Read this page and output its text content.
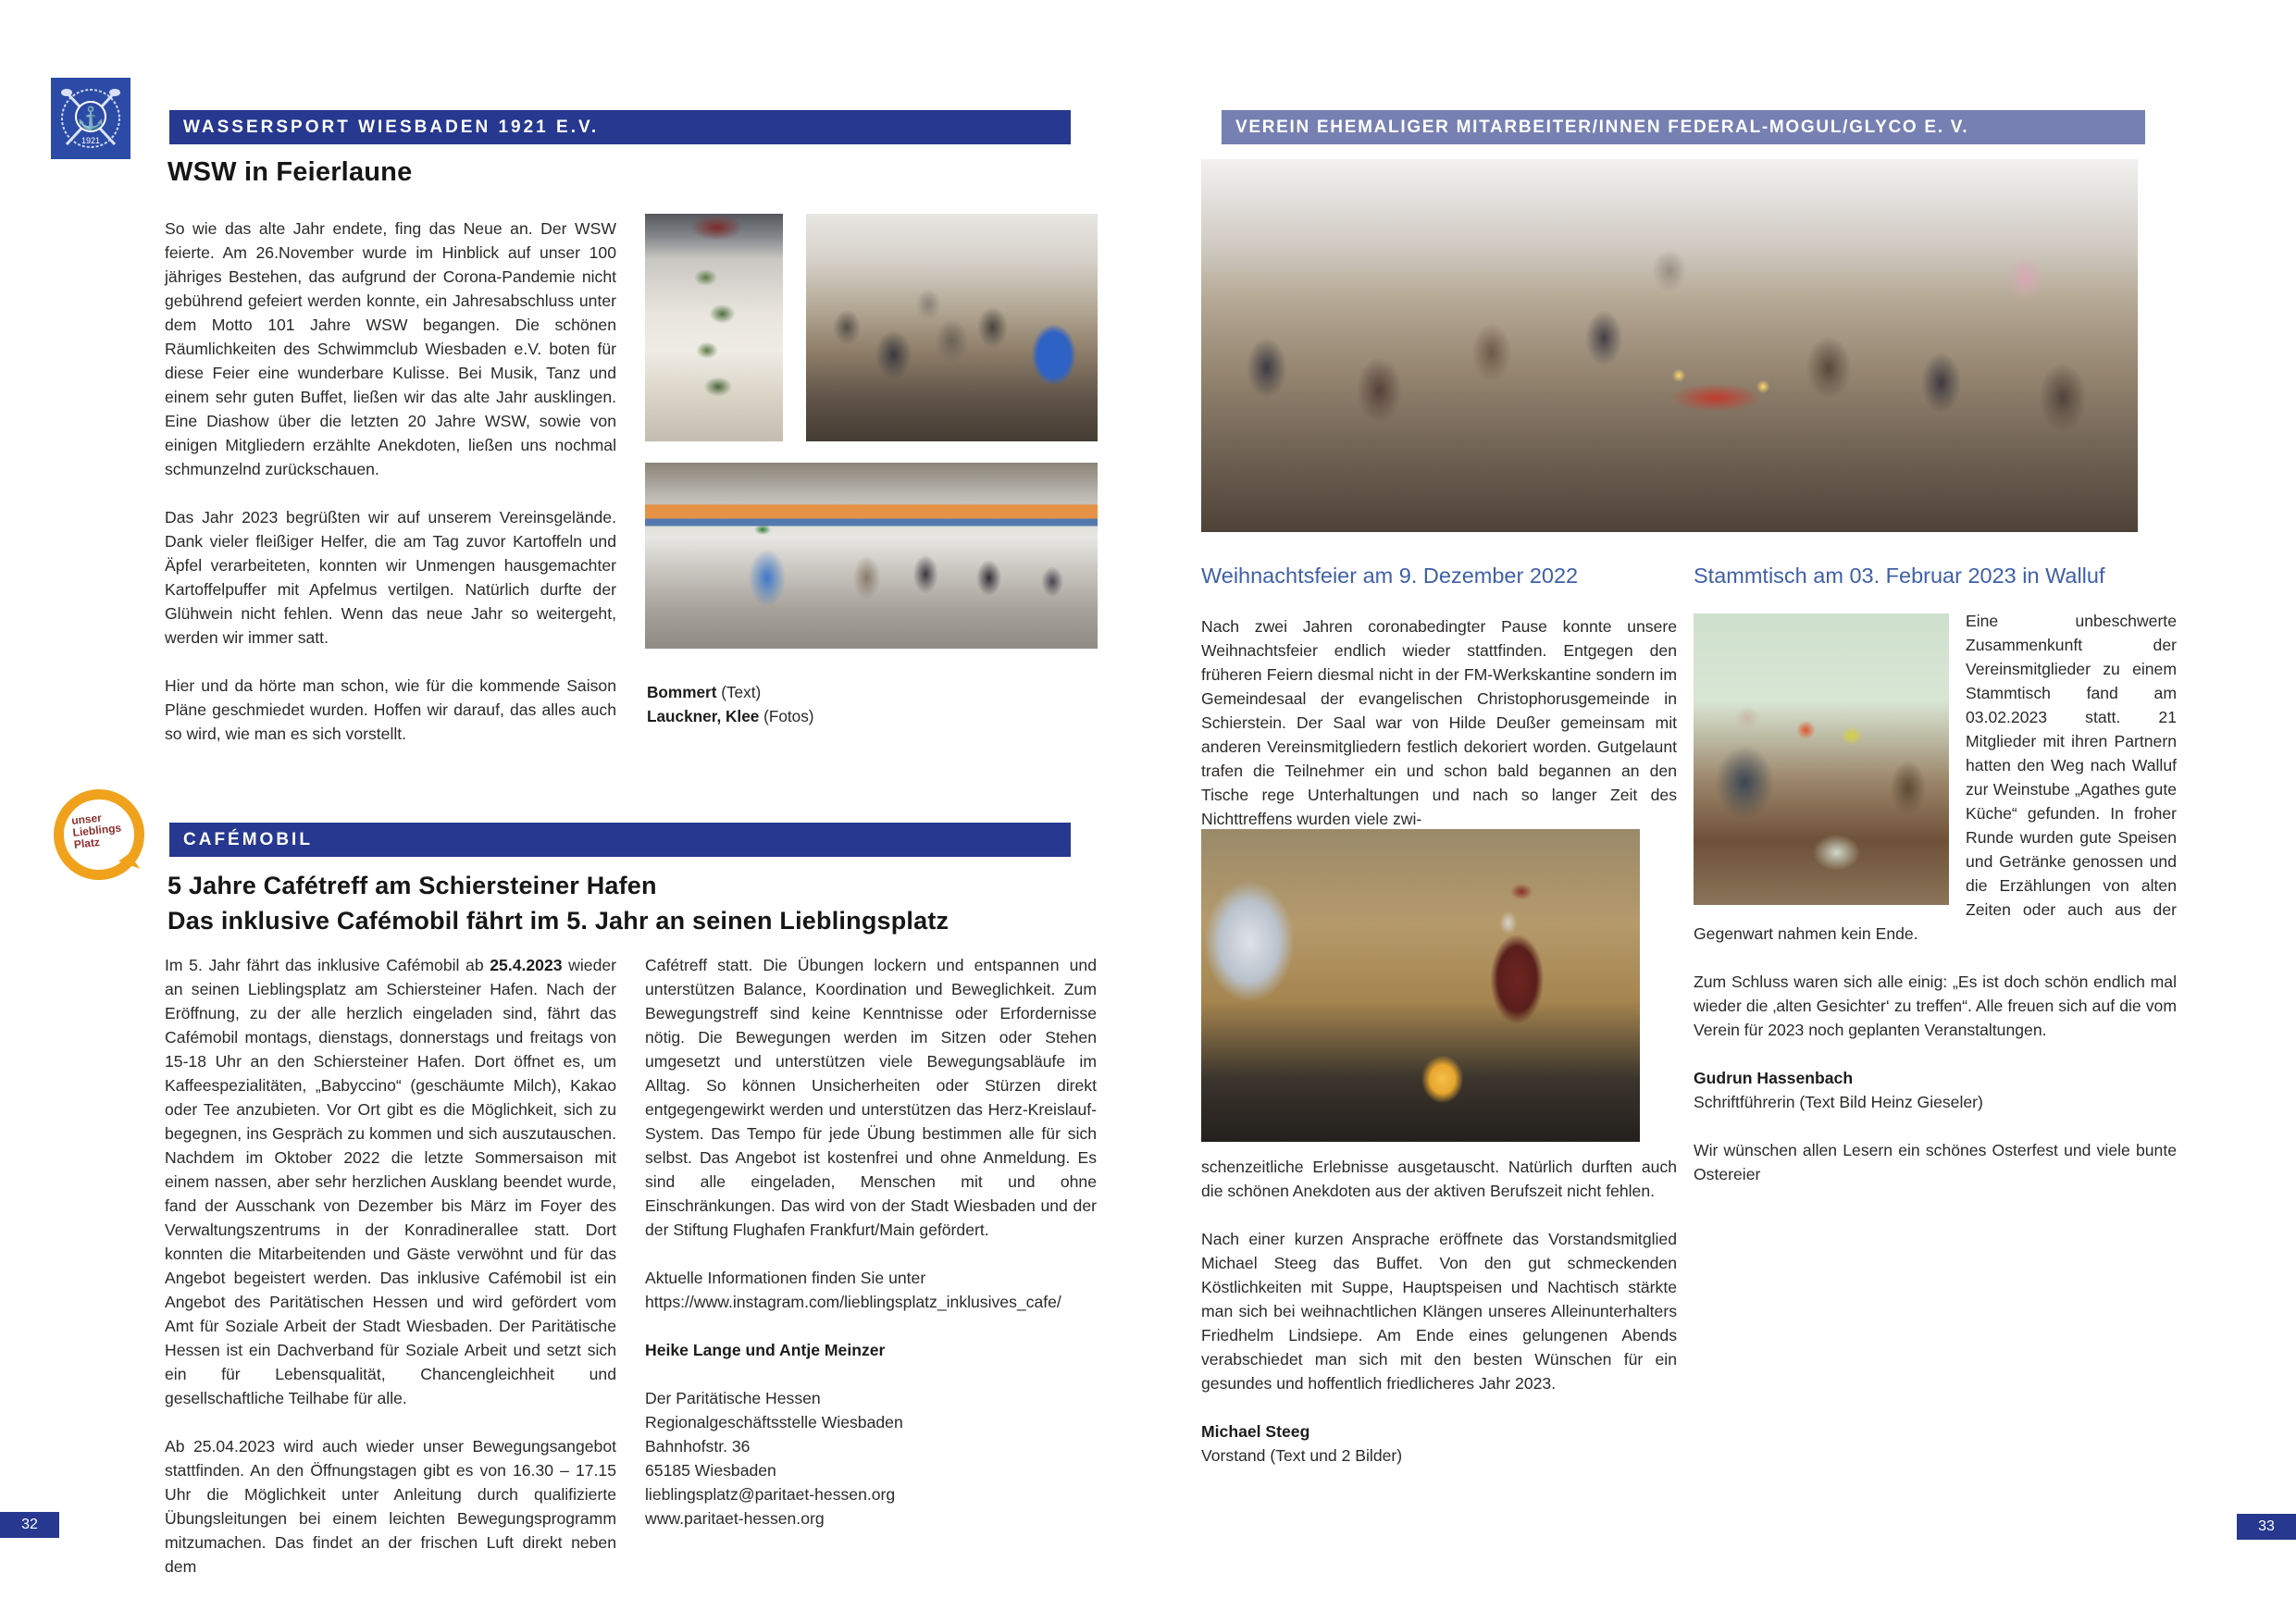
⚓
1921
WASSERSPORT WIESBADEN 1921 E.V.
WSW in Feierlaune

So wie das alte Jahr endete, fing das Neue an. Der WSW feierte. Am 26.November wurde im Hinblick auf unser 100 jähriges Bestehen, das aufgrund der Corona-Pandemie nicht gebührend gefeiert werden konnte, ein Jahresabschluss unter dem Motto 101 Jahre WSW begangen. Die schönen Räumlichkeiten des Schwimmclub Wiesbaden e.V. boten für diese Feier eine wunderbare Kulisse. Bei Musik, Tanz und einem sehr guten Buffet, ließen wir das alte Jahr ausklingen. Eine Diashow über die letzten 20 Jahre WSW, sowie von einigen Mitgliedern erzählte Anekdoten, ließen uns nochmal schmunzelnd zurückschauen.

Das Jahr 2023 begrüßten wir auf unserem Vereinsgelände. Dank vieler fleißiger Helfer, die am Tag zuvor Kartoffeln und Äpfel verarbeiteten, konnten wir Unmengen hausgemachter Kartoffelpuffer mit Apfelmus vertilgen. Natürlich durfte der Glühwein nicht fehlen. Wenn das neue Jahr so weitergeht, werden wir immer satt.

Hier und da hörte man schon, wie für die kommende Saison Pläne geschmiedet wurden. Hoffen wir darauf, das alles auch so wird, wie man es sich vorstellt.

Bommert (Text)
Lauckner, Klee (Fotos)
unser Lieblings Platz	CAFÉMOBIL
5 Jahre Cafétreff am Schiersteiner Hafen
Das inklusive Cafémobil fährt im 5. Jahr an seinen Lieblingsplatz

Im 5. Jahr fährt das inklusive Cafémobil ab 25.4.2023 wieder an seinen Lieblingsplatz am Schiersteiner Hafen. Nach der Eröffnung, zu der alle herzlich eingeladen sind, fährt das Cafémobil montags, dienstags, donnerstags und freitags von 15-18 Uhr an den Schiersteiner Hafen. Dort öffnet es, um Kaffeespezialitäten, „Babyccino“ (geschäumte Milch), Kakao oder Tee anzubieten. Vor Ort gibt es die Möglichkeit, sich zu begegnen, ins Gespräch zu kommen und sich auszutauschen. Nachdem im Oktober 2022 die letzte Sommersaison mit einem nassen, aber sehr herzlichen Ausklang beendet wurde, fand der Ausschank von Dezember bis März im Foyer des Verwaltungszentrums in der Konradinerallee statt. Dort konnten die Mitarbeitenden und Gäste verwöhnt und für das Angebot begeistert werden. Das inklusive Cafémobil ist ein Angebot des Paritätischen Hessen und wird gefördert vom Amt für Soziale Arbeit der Stadt Wiesbaden. Der Paritätische Hessen ist ein Dachverband für Soziale Arbeit und setzt sich ein für Lebensqualität, Chancengleichheit und gesellschaftliche Teilhabe für alle.

Ab 25.04.2023 wird auch wieder unser Bewegungsangebot stattfinden. An den Öffnungstagen gibt es von 16.30 – 17.15 Uhr die Möglichkeit unter Anleitung durch qualifizierte Übungsleitungen bei einem leichten Bewegungsprogramm mitzumachen. Das findet an der frischen Luft direkt neben dem

Cafétreff statt. Die Übungen lockern und entspannen und unterstützen Balance, Koordination und Beweglichkeit. Zum Bewegungstreff sind keine Kenntnisse oder Erfordernisse nötig. Die Bewegungen werden im Sitzen oder Stehen umgesetzt und unterstützen viele Bewegungsabläufe im Alltag. So können Unsicherheiten oder Stürzen direkt entgegengewirkt werden und unterstützen das Herz-Kreislauf-System. Das Tempo für jede Übung bestimmen alle für sich selbst. Das Angebot ist kostenfrei und ohne Anmeldung. Es sind alle eingeladen, Menschen mit und ohne Einschränkungen. Das wird von der Stadt Wiesbaden und der der Stiftung Flughafen Frankfurt/Main gefördert.

Aktuelle Informationen finden Sie unter
https://www.instagram.com/lieblingsplatz_inklusives_cafe/

Heike Lange und Antje Meinzer

Der Paritätische Hessen
Regionalgeschäftsstelle Wiesbaden
Bahnhofstr. 36
65185 Wiesbaden
lieblingsplatz@paritaet-hessen.org
www.paritaet-hessen.org
32
VEREIN EHEMALIGER MITARBEITER/INNEN FEDERAL-MOGUL/GLYCO E. V.
Weihnachtsfeier am 9. Dezember 2022	Stammtisch am 03. Februar 2023 in Walluf

Nach zwei Jahren coronabedingter Pause konnte unsere Weihnachtsfeier endlich wieder stattfinden. Entgegen den früheren Feiern diesmal nicht in der FM-Werkskantine sondern im Gemeindesaal der evangelischen Christophorusgemeinde in Schierstein. Der Saal war von Hilde Deußer gemeinsam mit anderen Vereinsmitgliedern festlich dekoriert worden. Gutgelaunt trafen die Teilnehmer ein und schon bald begannen an den Tische rege Unterhaltungen und nach so langer Zeit des Nichttreffens wurden viele zwi-

schenzeitliche Erlebnisse ausgetauscht. Natürlich durften auch die schönen Anekdoten aus der aktiven Berufszeit nicht fehlen.

Nach einer kurzen Ansprache eröffnete das Vorstandsmitglied Michael Steeg das Buffet. Von den gut schmeckenden Köstlichkeiten mit Suppe, Hauptspeisen und Nachtisch stärkte man sich bei weihnachtlichen Klängen unseres Alleinunterhalters Friedhelm Lindsiepe. Am Ende eines gelungenen Abends verabschiedet man sich mit den besten Wünschen für ein gesundes und hoffentlich friedlicheres Jahr 2023.

Michael Steeg
Vorstand (Text und 2 Bilder)

Eine unbeschwerte Zusammenkunft der Vereinsmitglieder zu einem Stammtisch fand am 03.02.2023 statt. 21 Mitglieder mit ihren Partnern hatten den Weg nach Walluf zur Weinstube „Agathes gute Küche“ gefunden. In froher Runde wurden gute Speisen und Getränke genossen und die Erzählungen von alten Zeiten oder auch aus der Gegenwart nahmen kein Ende.

Zum Schluss waren sich alle einig: „Es ist doch schön endlich mal wieder die ‚alten Gesichter‘ zu treffen“. Alle freuen sich auf die vom Verein für 2023 noch geplanten Veranstaltungen.

Gudrun Hassenbach
Schriftführerin (Text Bild Heinz Gieseler)

Wir wünschen allen Lesern ein schönes Osterfest und viele bunte Ostereier

33
